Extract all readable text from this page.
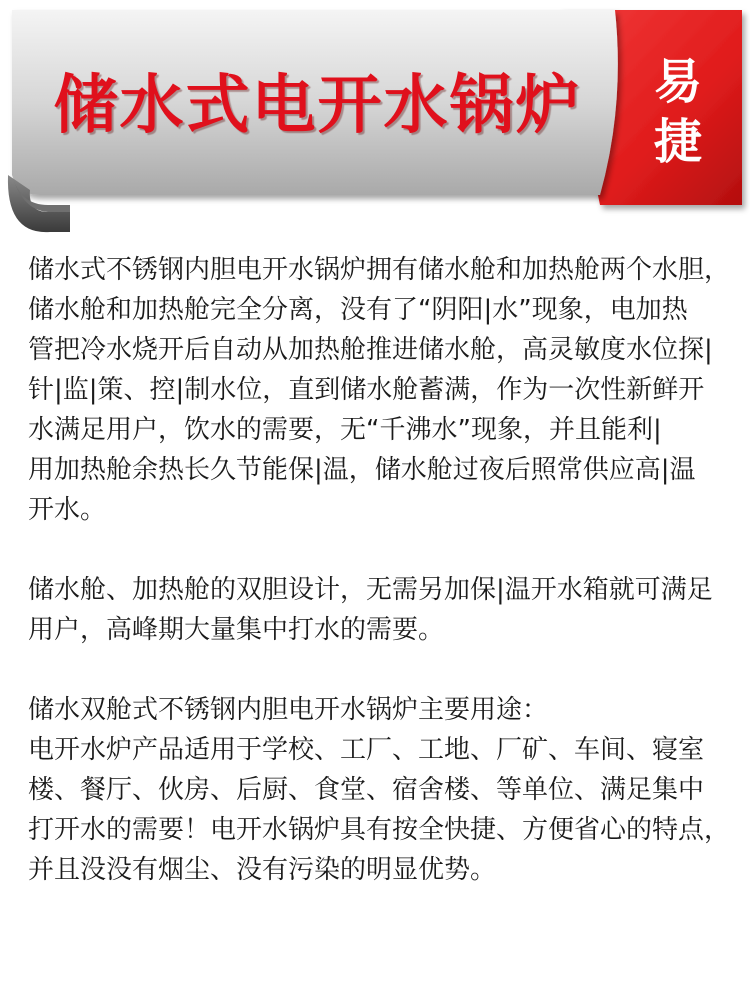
储水式电开水锅炉	易
捷

储水式不锈钢内胆电开水锅炉拥有储水舱和加热舱两个水胆，
储水舱和加热舱完全分离，没有了“阴阳|水”现象，电加热
管把冷水烧开后自动从加热舱推进储水舱，高灵敏度水位探|
针|监|策、控|制水位，直到储水舱蓄满，作为一次性新鲜开
水满足用户，饮水的需要，无“千沸水”现象，并且能利|
用加热舱余热长久节能保|温，储水舱过夜后照常供应高|温
开水。

储水舱、加热舱的双胆设计，无需另加保|温开水箱就可满足
用户，高峰期大量集中打水的需要。

储水双舱式不锈钢内胆电开水锅炉主要用途：
电开水炉产品适用于学校、工厂、工地、厂矿、车间、寝室
楼、餐厅、伙房、后厨、食堂、宿舍楼、等单位、满足集中
打开水的需要！电开水锅炉具有按全快捷、方便省心的特点，
并且没没有烟尘、没有污染的明显优势。
